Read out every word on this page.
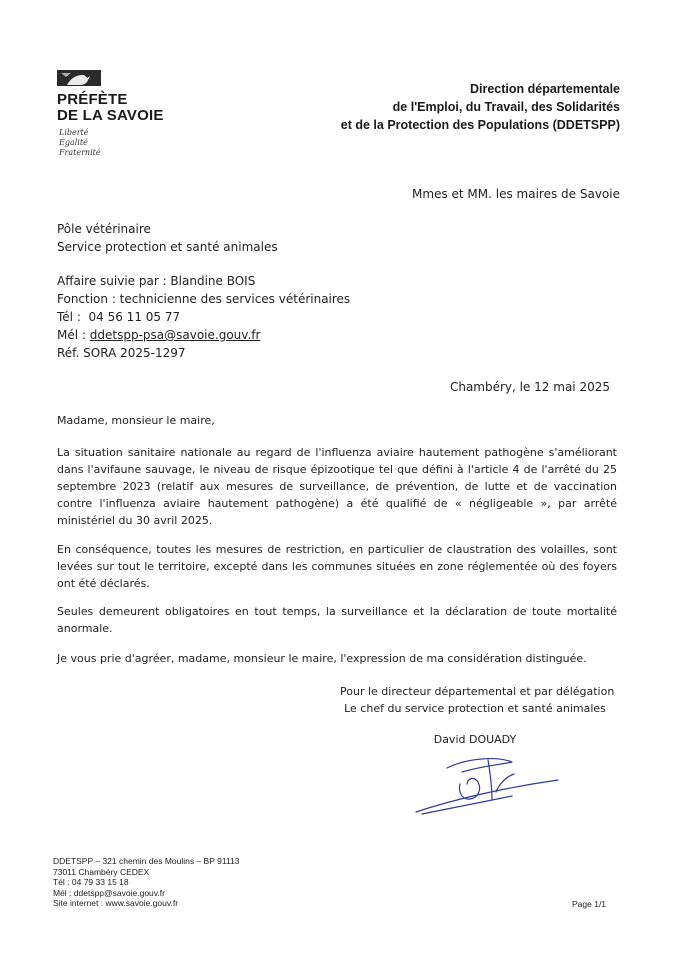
PRÉFÈTE
DE LA SAVOIE
Liberté
Égalité
Fraternité
Direction départementale
de l'Emploi, du Travail, des Solidarités
et de la Protection des Populations (DDETSPP)
Mmes et MM. les maires de Savoie
Pôle vétérinaire
Service protection et santé animales
Affaire suivie par : Blandine BOIS
Fonction : technicienne des services vétérinaires
Tél : 04 56 11 05 77
Mél : ddetspp-psa@savoie.gouv.fr
Réf. SORA 2025-1297
Chambéry, le 12 mai 2025
Madame, monsieur le maire,
La situation sanitaire nationale au regard de l'influenza aviaire hautement pathogène s'améliorant dans l'avifaune sauvage, le niveau de risque épizootique tel que défini à l'article 4 de l'arrêté du 25 septembre 2023 (relatif aux mesures de surveillance, de prévention, de lutte et de vaccination contre l'influenza aviaire hautement pathogène) a été qualifié de « négligeable », par arrêté ministériel du 30 avril 2025.
En conséquence, toutes les mesures de restriction, en particulier de claustration des volailles, sont levées sur tout le territoire, excepté dans les communes situées en zone réglementée où des foyers ont été déclarés.
Seules demeurent obligatoires en tout temps, la surveillance et la déclaration de toute mortalité anormale.
Je vous prie d'agréer, madame, monsieur le maire, l'expression de ma considération distinguée.
Pour le directeur départemental et par délégation
Le chef du service protection et santé animales
David DOUADY
DDETSPP – 321 chemin des Moulins – BP 91113
73011 Chambéry CEDEX
Tél : 04 79 33 15 18
Mél : ddetspp@savoie.gouv.fr
Site internet : www.savoie.gouv.fr	Page 1/1
